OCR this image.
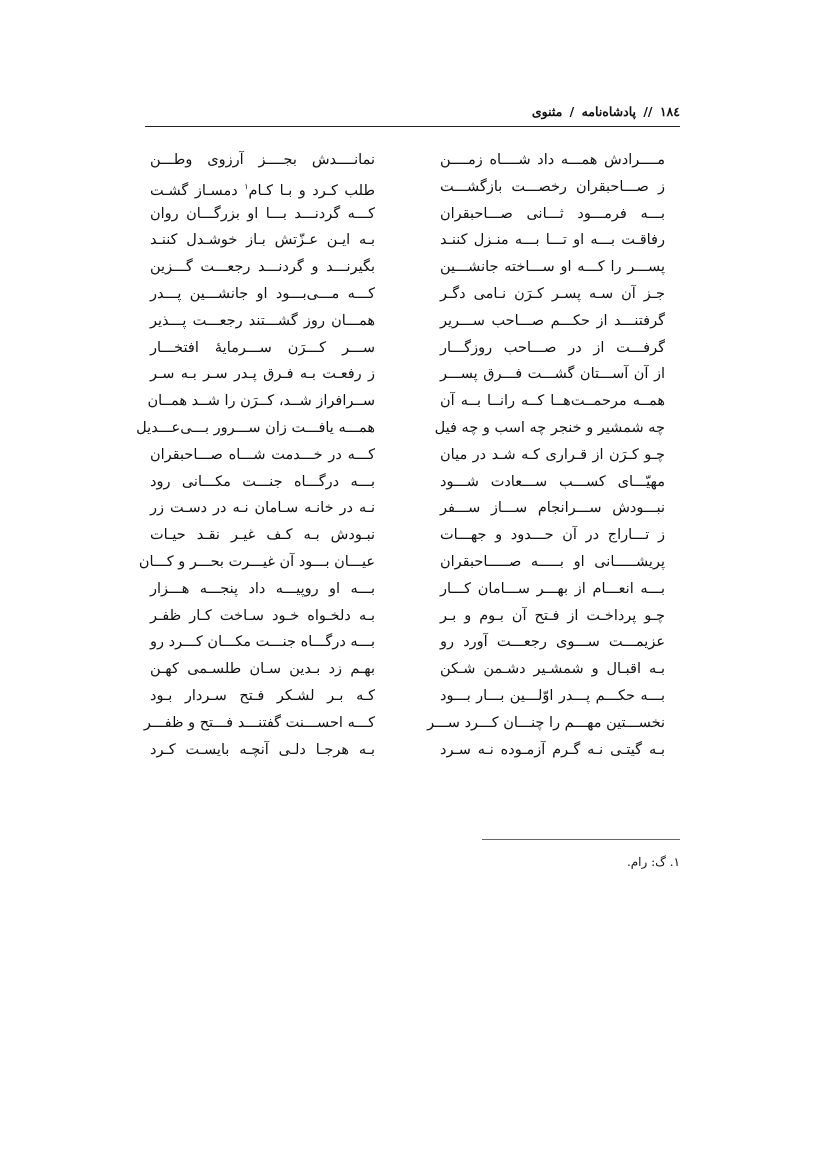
۱۸٤ // پادشاه‌نامه / مثنوی
مــــرادش همـــه داد شــــاه زمــــن
نمانــــدش بجــــز آرزوی وطـــن
ز صـــاحبقران رخصـــت بازگشـــت
طلب کـرد و بـا کـام$^۱$ دمسـاز گشـت
بـــه فرمـــود ثـــانی صـــاحبقران
کـــه گردنـــد بـــا او بزرگـــان روان
رفاقـت بـــه او تـــا بـــه منـزل کننـد
بـه ایـن عـزّتش بـاز خوشـدل کننـد
پســـر را کـــه او ســـاخته جانشـــین
بگیرنـــد و گردنـــد رجعـــت گـــزین
جـز آن سـه پسـر کـرَن نـامی دگـر
کـــه مـــی‌بـــود او جانشـــین پـــدر
گرفتنـــد از حکـــم صـــاحب ســـریر
همـــان روز گشـــتند رجعـــت پـــذیر
گرفـــت از در صـــاحب روزگـــار
ســـر کـــرَن ســـرمایهٔ افتخـــار
از آن آســـتان گشـــت فـــرق پســـر
ز رفعـت بـه فـرق پـدر سـر بـه سـر
همــه مرحمــت‌هــا کــه رانــا بــه آن
ســرافراز شــد، کــرَن را شــد همــان
چه شمشیر و خنجر چه اسب و چه فیل
همـــه یافـــت زان ســـرور بـــی‌عـــدیل
چـو کـرَن از قـراری کـه شـد در میان
کـــه در خـــدمت شـــاه صـــاحبقران
مهیّـــای کســـب ســـعادت شـــود
بـــه درگـــاه جنـــت مکـــانی رود
نبـــودش ســـرانجام ســـاز ســـفر
نـه در خانـه سـامان نـه در دسـت زر
ز تـــاراج در آن حـــدود و جهـــات
نبـودش بـه کـف غیـر نقـد حیـات
پریشـــــانی او بـــــه صـــــاحبقران
عیـــان بـــود آن غیـــرت بحـــر و کـــان
بـــه انعـــام از بهـــر ســـامان کـــار
بـــه او روپیـــه داد پنجـــه هـــزار
چـو پرداخـت از فـتح آن بـوم و بـر
بـه دلخـواه خـود سـاخت کـار ظفـر
عزیمـــت ســـوی رجعـــت آورد رو
بـــه درگـــاه جنـــت مکـــان کـــرد رو
بـه اقبـال و شمشـیر دشـمن شـکن
بهـم زد بـدین سـان طلسـمی کهـن
بـــه حکـــم پـــدر اوّلـــین بـــار بـــود
کـه بـر لشـکر فـتح سـردار بـود
نخســـتین مهـــم را چنـــان کـــرد ســـر
کـــه احســـنت گفتنـــد فـــتح و ظفـــر
بـه گیتـی نـه گـرم آزمـوده نـه سـرد
بـه هرجـا دلـی آنچـه بایسـت کـرد
۱. گ: رام.
